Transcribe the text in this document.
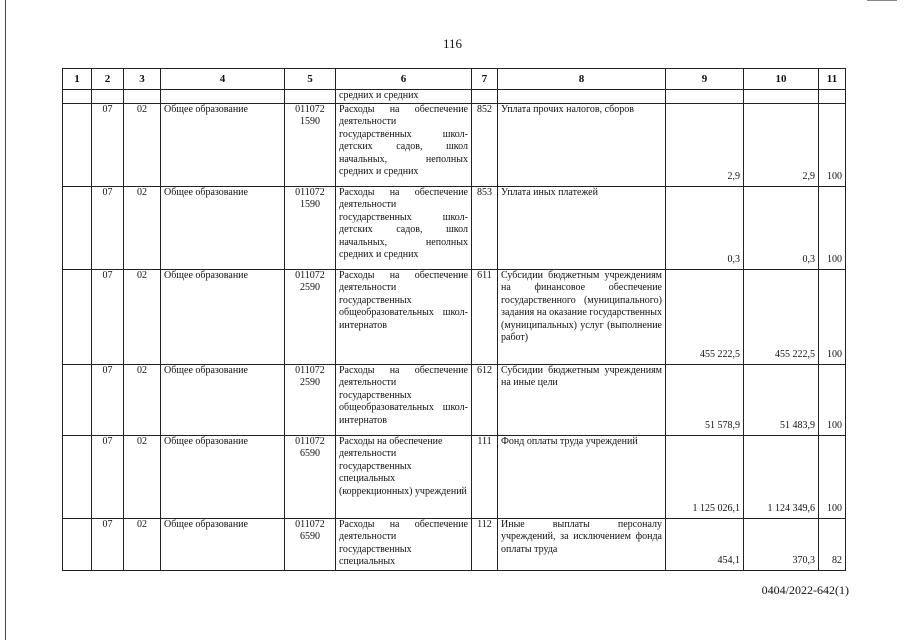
116
1	2	3	4	5	6	7	8	9	10	11
					средних и средних					
	07	02	Общее образование	011072 1590	Расходы на обеспечение деятельности государственных школ-детских садов, школ начальных, неполных средних и средних	852	Уплата прочих налогов, сборов	2,9	2,9	100
	07	02	Общее образование	011072 1590	Расходы на обеспечение деятельности государственных школ-детских садов, школ начальных, неполных средних и средних	853	Уплата иных платежей	0,3	0,3	100
	07	02	Общее образование	011072 2590	Расходы на обеспечение деятельности государственных общеобразовательных школ-интернатов	611	Субсидии бюджетным учреждениям на финансовое обеспечение государственного (муниципального) задания на оказание государственных (муниципальных) услуг (выполнение работ)	455 222,5	455 222,5	100
	07	02	Общее образование	011072 2590	Расходы на обеспечение деятельности государственных общеобразовательных школ-интернатов	612	Субсидии бюджетным учреждениям на иные цели	51 578,9	51 483,9	100
	07	02	Общее образование	011072 6590	Расходы на обеспечение деятельности государственных специальных (коррекционных) учреждений	111	Фонд оплаты труда учреждений	1 125 026,1	1 124 349,6	100
	07	02	Общее образование	011072 6590	Расходы на обеспечение деятельности государственных специальных	112	Иные выплаты персоналу учреждений, за исключением фонда оплаты труда	454,1	370,3	82
0404/2022-642(1)
